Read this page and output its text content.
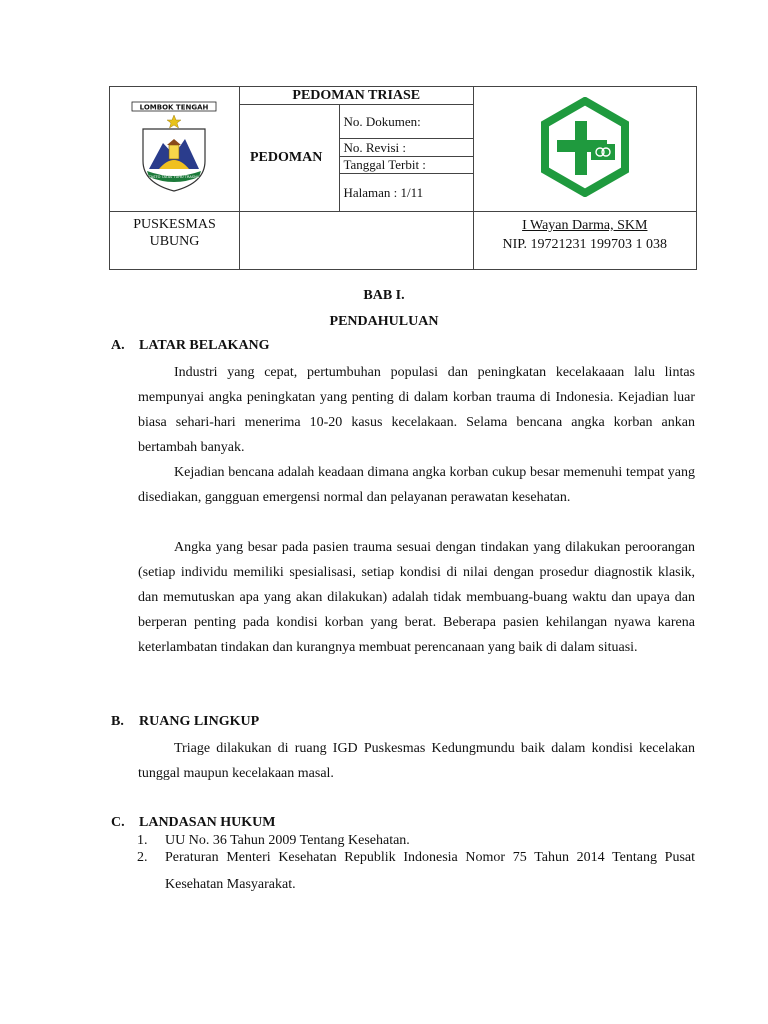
LOMBOK TENGAH
TASTO TATAS TUHU TRASNA	PEDOMAN TRIASE	
	PEDOMAN	No. Dokumen:	
		No. Revisi :	
		Tanggal Terbit :	
		Halaman : 1/11	
PUSKESMAS
UBUNG			I Wayan Darma, SKM
NIP. 19721231 199703 1 038
BAB I.
PENDAHULUAN
A. LATAR BELAKANG

Industri yang cepat, pertumbuhan populasi dan peningkatan kecelakaaan lalu lintas mempunyai angka peningkatan yang penting di dalam korban trauma di Indonesia. Kejadian luar biasa sehari-hari menerima 10-20 kasus kecelakaan. Selama bencana angka korban ankan bertambah banyak.

Kejadian bencana adalah keadaan dimana angka korban cukup besar memenuhi tempat yang disediakan, gangguan emergensi normal dan pelayanan perawatan kesehatan.

Angka yang besar pada pasien trauma sesuai dengan tindakan yang dilakukan peroorangan (setiap individu memiliki spesialisasi, setiap kondisi di nilai dengan prosedur diagnostik klasik, dan memutuskan apa yang akan dilakukan) adalah tidak membuang-buang waktu dan upaya dan berperan penting pada kondisi korban yang berat. Beberapa pasien kehilangan nyawa karena keterlambatan tindakan dan kurangnya membuat perencanaan yang baik di dalam situasi.

B. RUANG LINGKUP

Triage dilakukan di ruang IGD Puskesmas Kedungmundu baik dalam kondisi kecelakan tunggal maupun kecelakaan masal.

C. LANDASAN HUKUM
1. UU No. 36 Tahun 2009 Tentang Kesehatan.
2. Peraturan Menteri Kesehatan Republik Indonesia Nomor 75 Tahun 2014 Tentang Pusat Kesehatan Masyarakat.
